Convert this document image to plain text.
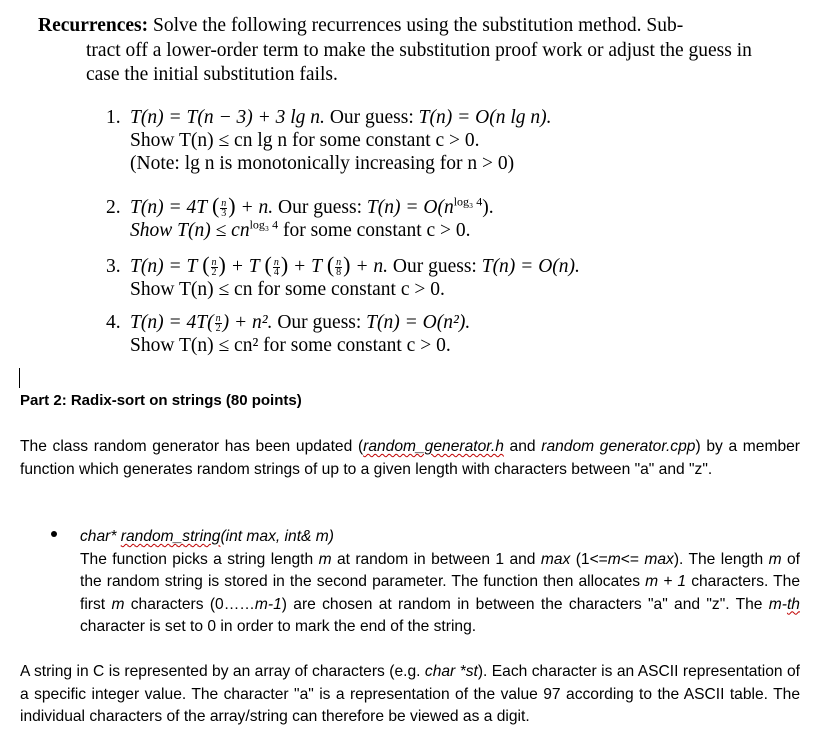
Recurrences: Solve the following recurrences using the substitution method. Sub-
tract off a lower-order term to make the substitution proof work or adjust the guess in case the initial substitution fails.
1. T(n) = T(n − 3) + 3 lg n. Our guess: T(n) = O(n lg n).
Show T(n) ≤ cn lg n for some constant c > 0.
(Note: lg n is monotonically increasing for n > 0)
2. T(n) = 4T ( $\frac{n}{3}$ ) + n. Our guess: $T(n) = O(n^{log_3 4})$.
Show $T(n) \le cn^{log_3 4}$ for some constant c > 0.
3. T(n) = T ( $\frac{n}{2}$ ) + T ( $\frac{n}{4}$ ) + T ( $\frac{n}{8}$ ) + n. Our guess: T(n) = O(n).
Show T(n) ≤ cn for some constant c > 0.
4. $T(n) = 4T( \frac{n}{2}$ ) + n². Our guess: T(n) = O(n²).
Show T(n) ≤ cn² for some constant c > 0.
Part 2: Radix-sort on strings (80 points)
The class random generator has been updated (random_generator.h and random generator.cpp) by a member function which generates random strings of up to a given length with characters between "a" and "z".
char* random_string(int max, int& m)
The function picks a string length m at random in between 1 and max (1<=m<= max). The length m of the random string is stored in the second parameter. The function then allocates m + 1 characters. The first m characters (0……m-1) are chosen at random in between the characters "a" and "z". The m-th character is set to 0 in order to mark the end of the string.
A string in C is represented by an array of characters (e.g. char *st). Each character is an ASCII representation of a specific integer value. The character "a" is a representation of the value 97 according to the ASCII table. The individual characters of the array/string can therefore be viewed as a digit.
